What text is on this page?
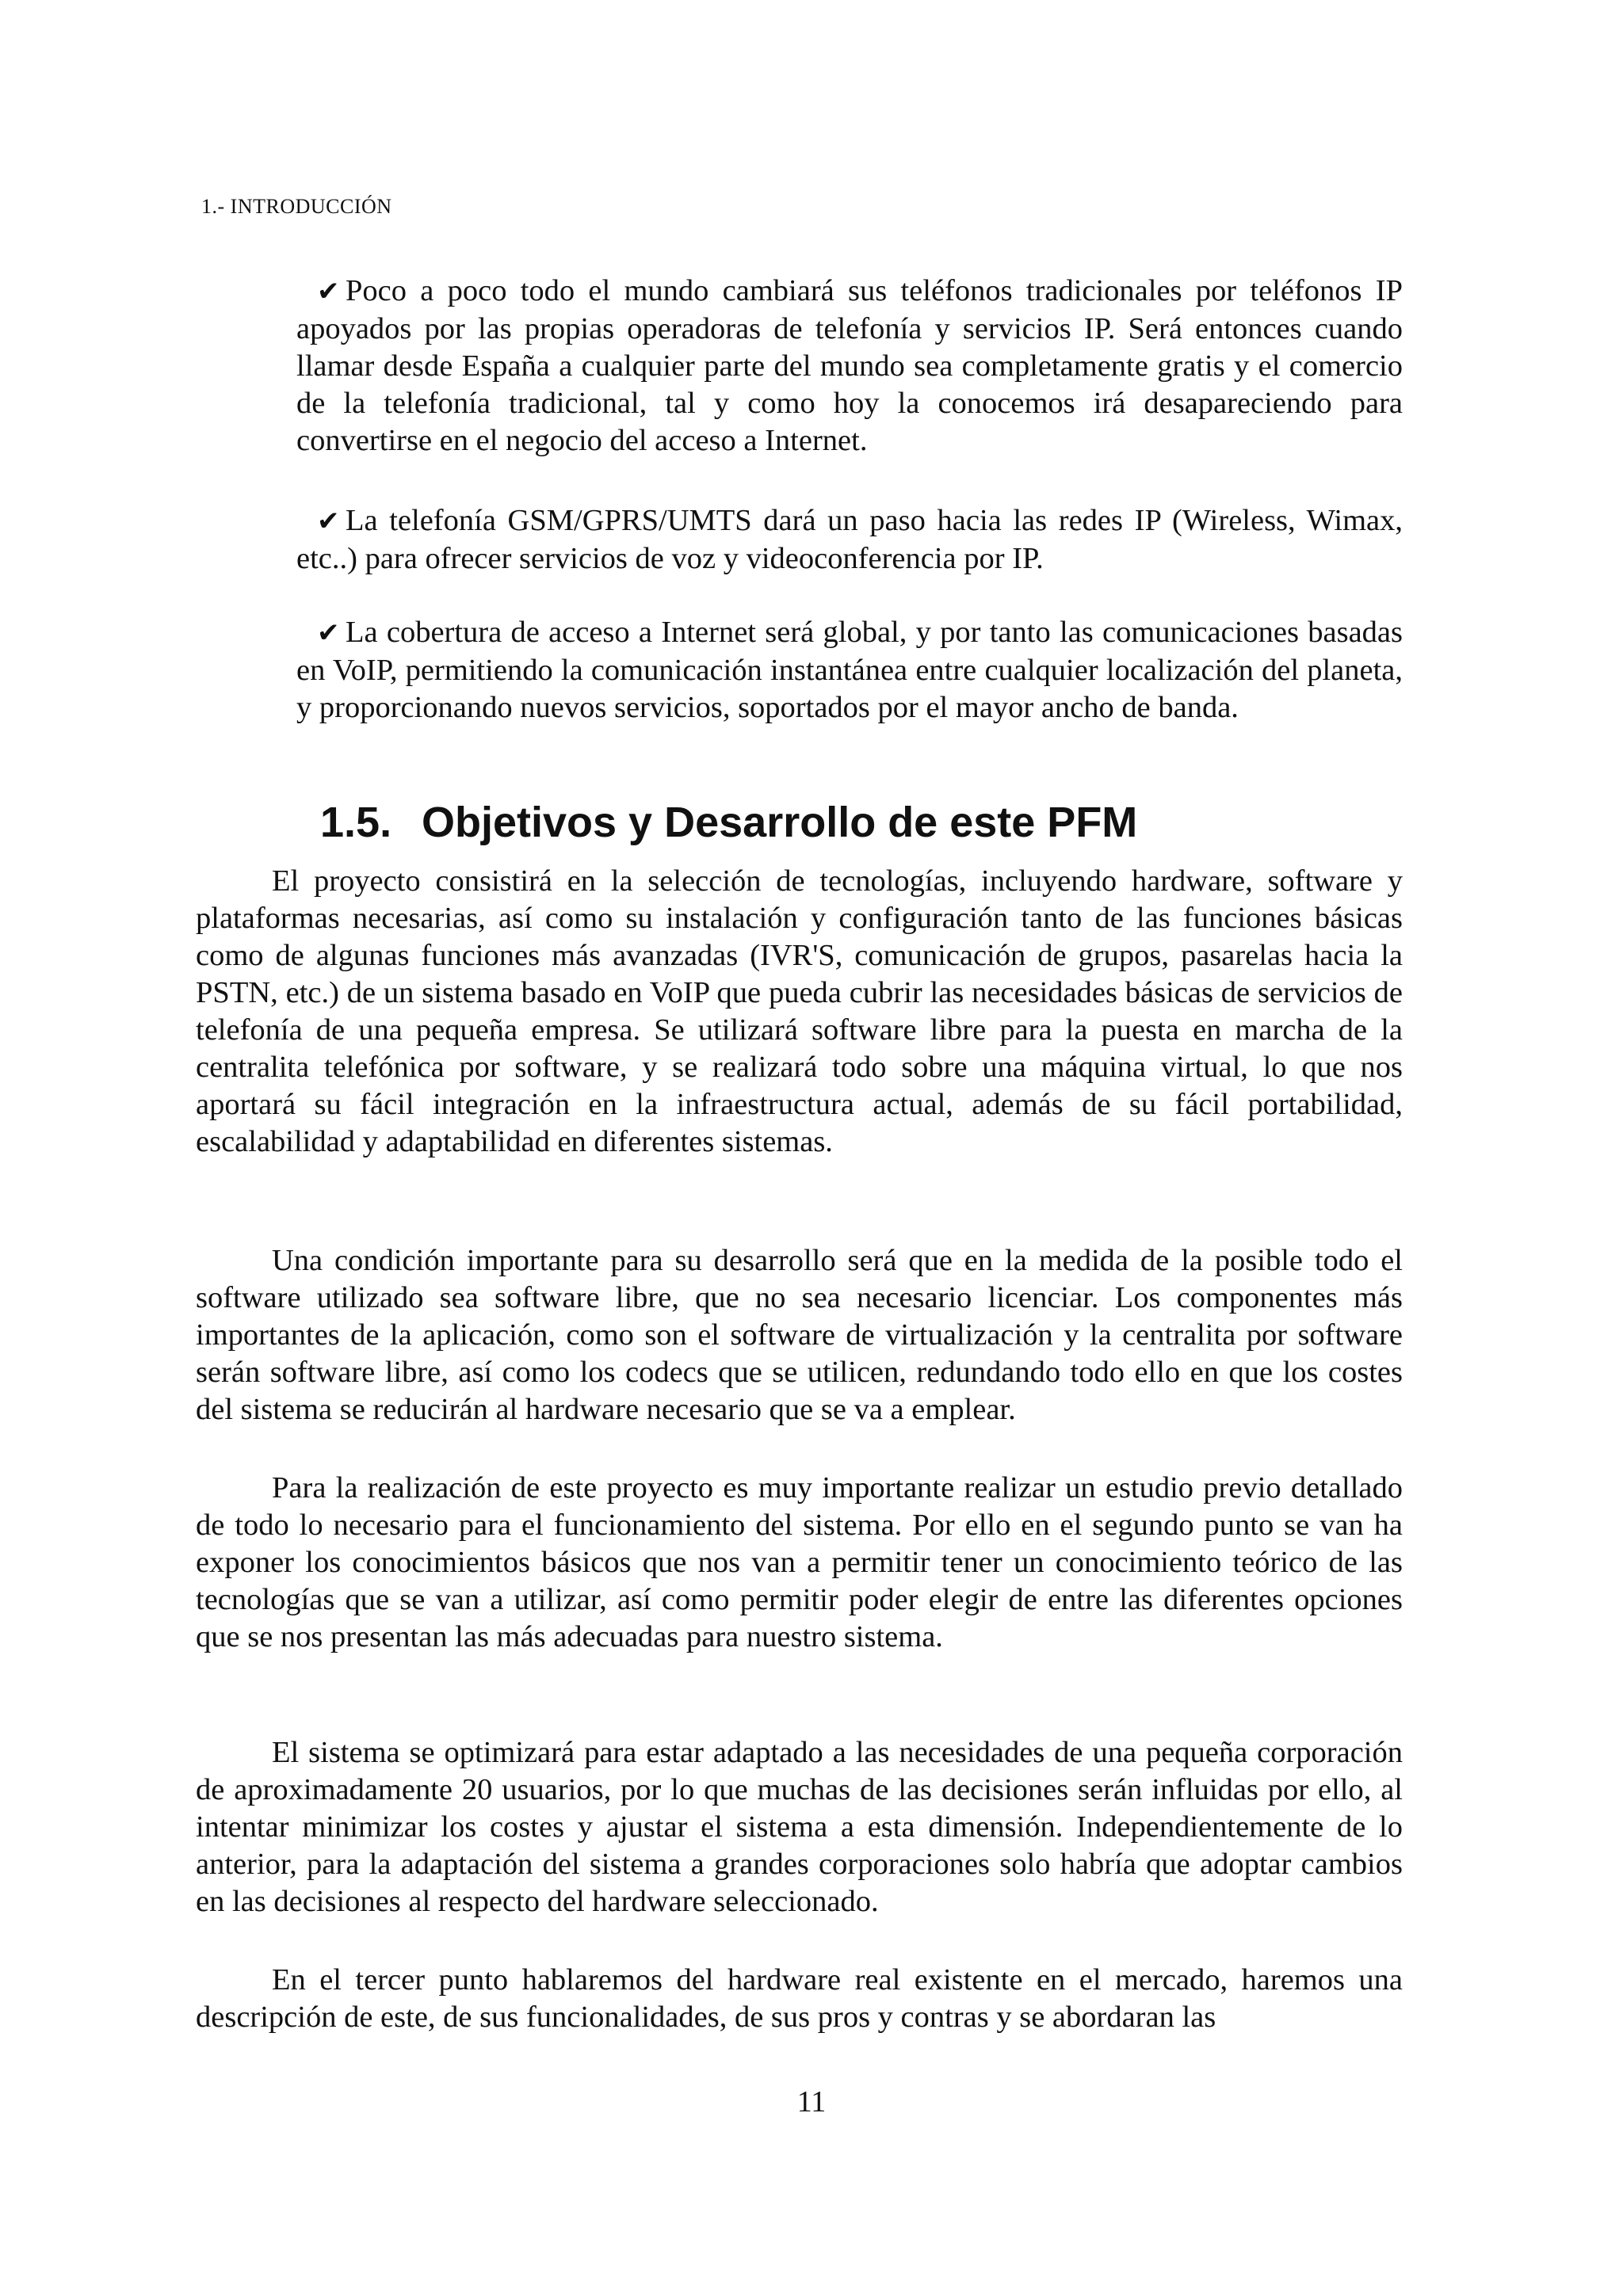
1.- INTRODUCCIÓN

✔ Poco a poco todo el mundo cambiará sus teléfonos tradicionales por teléfonos IP apoyados por las propias operadoras de telefonía y servicios IP. Será entonces cuando llamar desde España a cualquier parte del mundo sea completamente gratis y el comercio de la telefonía tradicional, tal y como hoy la conocemos irá desapareciendo para convertirse en el negocio del acceso a Internet.

✔ La telefonía GSM/GPRS/UMTS dará un paso hacia las redes IP (Wireless, Wimax, etc..) para ofrecer servicios de voz y videoconferencia por IP.

✔ La cobertura de acceso a Internet será global, y por tanto las comunicaciones basadas en VoIP, permitiendo la comunicación instantánea entre cualquier localización del planeta, y proporcionando nuevos servicios, soportados por el mayor ancho de banda.

1.5. Objetivos y Desarrollo de este PFM

El proyecto consistirá en la selección de tecnologías, incluyendo hardware, software y plataformas necesarias, así como su instalación y configuración tanto de las funciones básicas como de algunas funciones más avanzadas (IVR'S, comunicación de grupos, pasarelas hacia la PSTN, etc.) de un sistema basado en VoIP que pueda cubrir las necesidades básicas de servicios de telefonía de una pequeña empresa. Se utilizará software libre para la puesta en marcha de la centralita telefónica por software, y se realizará todo sobre una máquina virtual, lo que nos aportará su fácil integración en la infraestructura actual, además de su fácil portabilidad, escalabilidad y adaptabilidad en diferentes sistemas.

Una condición importante para su desarrollo será que en la medida de la posible todo el software utilizado sea software libre, que no sea necesario licenciar. Los componentes más importantes de la aplicación, como son el software de virtualización y la centralita por software serán software libre, así como los codecs que se utilicen, redundando todo ello en que los costes del sistema se reducirán al hardware necesario que se va a emplear.

Para la realización de este proyecto es muy importante realizar un estudio previo detallado de todo lo necesario para el funcionamiento del sistema. Por ello en el segundo punto se van ha exponer los conocimientos básicos que nos van a permitir tener un conocimiento teórico de las tecnologías que se van a utilizar, así como permitir poder elegir de entre las diferentes opciones que se nos presentan las más adecuadas para nuestro sistema.

El sistema se optimizará para estar adaptado a las necesidades de una pequeña corporación de aproximadamente 20 usuarios, por lo que muchas de las decisiones serán influidas por ello, al intentar minimizar los costes y ajustar el sistema a esta dimensión. Independientemente de lo anterior, para la adaptación del sistema a grandes corporaciones solo habría que adoptar cambios en las decisiones al respecto del hardware seleccionado.

En el tercer punto hablaremos del hardware real existente en el mercado, haremos una descripción de este, de sus funcionalidades, de sus pros y contras y se abordaran las

11
